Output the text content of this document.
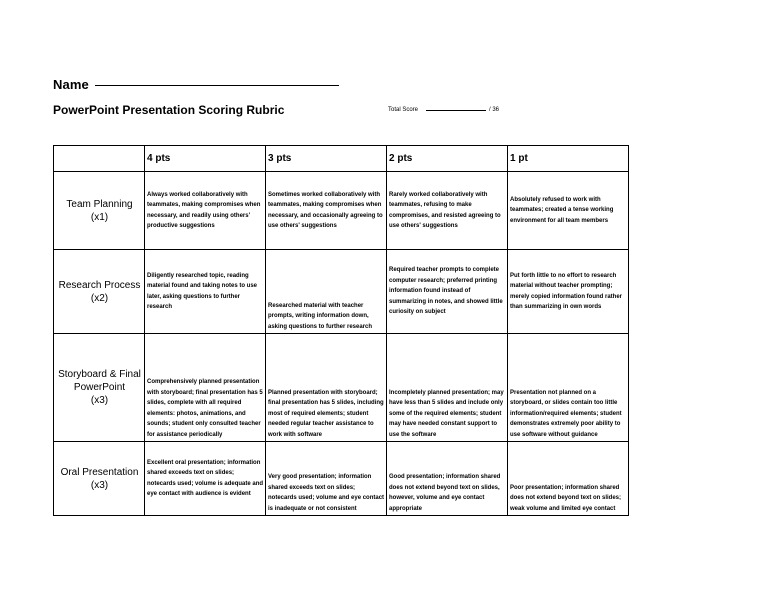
Name
PowerPoint Presentation Scoring Rubric	Total Score	/ 36
	4 pts	3 pts	2 pts	1 pt

Team Planning
(x1)	Always worked collaboratively with teammates, making compromises when necessary, and readily using others' productive suggestions	Sometimes worked collaboratively with teammates, making compromises when necessary, and occasionally agreeing to use others' suggestions	Rarely worked collaboratively with teammates, refusing to make compromises, and resisted agreeing to use others' suggestions	Absolutely refused to work with teammates; created a tense working environment for all team members

Research Process
(x2)	Diligently researched topic, reading material found and taking notes to use later, asking questions to further research	Researched material with teacher prompts, writing information down, asking questions to further research	Required teacher prompts to complete computer research; preferred printing information found instead of summarizing in notes, and showed little curiosity on subject	Put forth little to no effort to research material without teacher prompting; merely copied information found rather than summarizing in own words

Storyboard & Final PowerPoint
(x3)	Comprehensively planned presentation with storyboard; final presentation has 5 slides, complete with all required elements: photos, animations, and sounds; student only consulted teacher for assistance periodically	Planned presentation with storyboard; final presentation has 5 slides, including most of required elements; student needed regular teacher assistance to work with software	Incompletely planned presentation; may have less than 5 slides and include only some of the required elements; student may have needed constant support to use the software	Presentation not planned on a storyboard, or slides contain too little information/required elements; student demonstrates extremely poor ability to use software without guidance

Oral Presentation
(x3)	Excellent oral presentation; information shared exceeds text on slides; notecards used; volume is adequate and eye contact with audience is evident	Very good presentation; information shared exceeds text on slides; notecards used; volume and eye contact is inadequate or not consistent	Good presentation; information shared does not extend beyond text on slides, however, volume and eye contact appropriate	Poor presentation; information shared does not extend beyond text on slides; weak volume and limited eye contact
